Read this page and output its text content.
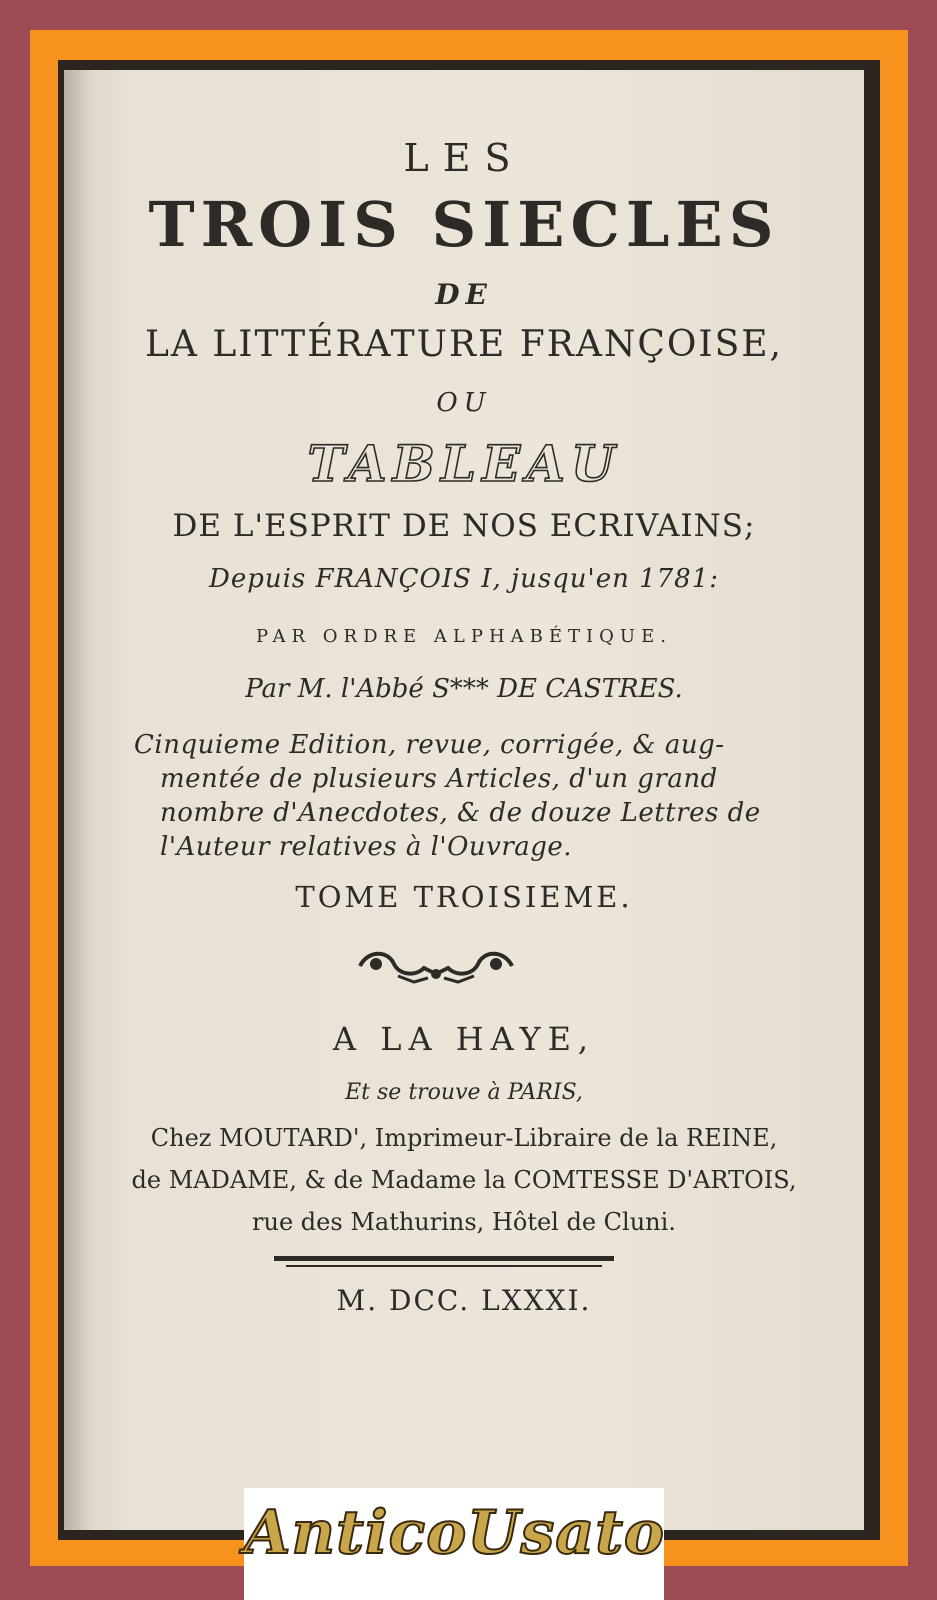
LES
TROIS SIECLES
DE
LA LITTÉRATURE FRANÇOISE,
OU
TABLEAU
DE L'ESPRIT DE NOS ECRIVAINS;
Depuis FRANÇOIS I, jusqu'en 1781:
PAR ORDRE ALPHABÉTIQUE.
Par M. l'Abbé S*** DE CASTRES.
Cinquieme Edition, revue, corrigée, & aug-
mentée de plusieurs Articles, d'un grand
nombre d'Anecdotes, & de douze Lettres de
l'Auteur relatives à l'Ouvrage.
TOME TROISIEME.
A LA HAYE,
Et se trouve à PARIS,
Chez MOUTARD', Imprimeur-Libraire de la REINE,
de MADAME, & de Madame la COMTESSE D'ARTOIS,
rue des Mathurins, Hôtel de Cluni.
M. DCC. LXXXI.
AnticoUsato
